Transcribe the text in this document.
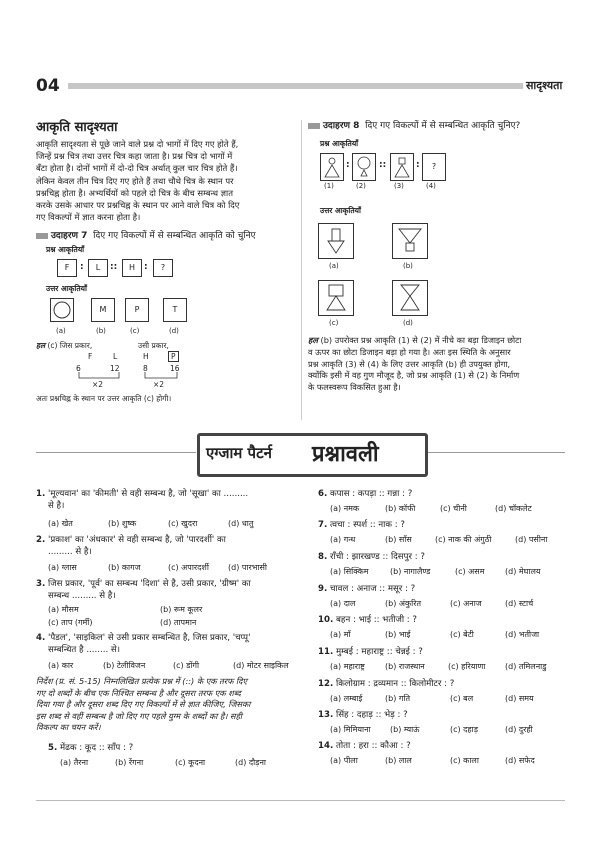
04	सादृश्यता
आकृति सादृश्यता
आकृति सादृश्यता से पूछे जाने वाले प्रश्न दो भागों में दिए गए होते हैं,
जिन्हें प्रश्न चित्र तथा उत्तर चित्र कहा जाता है। प्रश्न चित्र दो भागों में
बँटा होता है। दोनों भागों में दो-दो चित्र अर्थात् कुल चार चित्र होते हैं।
लेकिन केवल तीन चित्र दिए गए होते हैं तथा चौथे चित्र के स्थान पर
प्रश्नचिह्न होता है। अभ्यर्थियों को पहले दो चित्र के बीच सम्बन्ध ज्ञात
करके उसके आधार पर प्रश्नचिह्न के स्थान पर आने वाले चित्र को दिए
गए विकल्पों में ज्ञात करना होता है।
उदाहरण 7 दिए गए विकल्पों में से सम्बन्धित आकृति को चुनिए
प्रश्न आकृतियाँ
F	:	L	::	H	:	?
उत्तर आकृतियाँ
M	P	T
(a)	(b)	(c)	(d)
हल (c) जिस प्रकार,	उसी प्रकार,
F	L
6	12
×2
H	P
8	16
×2
अतः प्रश्नचिह्न के स्थान पर उत्तर आकृति (c) होगी।
उदाहरण 8 दिए गए विकल्पों में से सम्बन्धित आकृति चुनिए?
प्रश्न आकृतियाँ
:	::	:	?
(1)	(2)	(3)	(4)
उत्तर आकृतियाँ
(a)	(b)
(c)	(d)
हल (b) उपरोक्त प्रश्न आकृति (1) से (2) में नीचे का बड़ा डिजाइन छोटा
व ऊपर का छोटा डिजाइन बड़ा हो गया है। अतः इस स्थिति के अनुसार
प्रश्न आकृति (3) से (4) के लिए उत्तर आकृति (b) ही उपयुक्त होगा,
क्योंकि इसी में वह गुण मौजूद है, जो प्रश्न आकृति (1) से (2) के निर्माण
के फलस्वरूप विकसित हुआ है।
एग्जाम पैटर्न प्रश्नावली
1. 'मूल्यवान' का 'कीमती' से वही सम्बन्ध है, जो 'सूखा' का .........
से है।
(a) खेत	(b) शुष्क	(c) खुदरा	(d) धातु
2. 'प्रकाश' का 'अंधकार' से वही सम्बन्ध है, जो 'पारदर्शी' का
......... से है।
(a) ग्लास	(b) कागज	(c) अपारदर्शी (d) पारभासी
3. जिस प्रकार, 'पूर्व' का सम्बन्ध 'दिशा' से है, उसी प्रकार, 'ग्रीष्म' का
सम्बन्ध ......... से है।
(a) मौसम	(b) रूम कूलर
(c) ताप (गर्मी)	(d) तापमान
4. 'पैडल', 'साइकिल' से उसी प्रकार सम्बन्धित है, जिस प्रकार, 'चप्पू'
सम्बन्धित है ........ से।
(a) कार	(b) टेलीविजन	(c) डोंगी	(d) मोटर साइकिल
निर्देश (प्र. सं. 5-15) निम्नलिखित प्रत्येक प्रश्न में (::) के एक तरफ दिए
गए दो शब्दों के बीच एक निश्चित सम्बन्ध है और दूसरा तरफ एक शब्द
दिया गया है और दूसरा शब्द दिए गए विकल्पों में से ज्ञात कीजिए, जिसका
इस शब्द से वहीं सम्बन्ध है जो दिए गए पहले युग्म के शब्दों का है। सही
विकल्प का चयन करें।
5. मेंढक : कूद :: साँप : ?
(a) तैरना	(b) रेंगना	(c) कूदना	(d) दौड़ना
6. कपास : कपड़ा :: गन्ना : ?
(a) नमक	(b) कॉफी	(c) चीनी	(d) चॉकलेट
7. त्वचा : स्पर्श :: नाक : ?
(a) गन्ध	(b) साँस	(c) नाक की अंगुठी	(d) पसीना
8. राँची : झारखण्ड :: दिसपुर : ?
(a) सिक्किम	(b) नागालैण्ड	(c) असम	(d) मेघालय
9. चावल : अनाज :: मसूर : ?
(a) दाल	(b) अंकुरित	(c) अनाज	(d) स्टार्च
10. बहन : भाई :: भतीजी : ?
(a) माँ	(b) भाई	(c) बेटी	(d) भतीजा
11. मुम्बई : महाराष्ट्र :: चेन्नई : ?
(a) महाराष्ट्र	(b) राजस्थान	(c) हरियाणा (d) तमिलनाडु
12. किलोग्राम : द्रव्यमान :: किलोमीटर : ?
(a) लम्बाई	(b) गति	(c) बल	(d) समय
13. सिंह : दहाड़ :: भेड़ : ?
(a) मिमियाना (b) म्याऊं	(c) दहाड़	(d) दुरही
14. तोता : हरा :: कौआ : ?
(a) पीला	(b) लाल	(c) काला	(d) सफेद
